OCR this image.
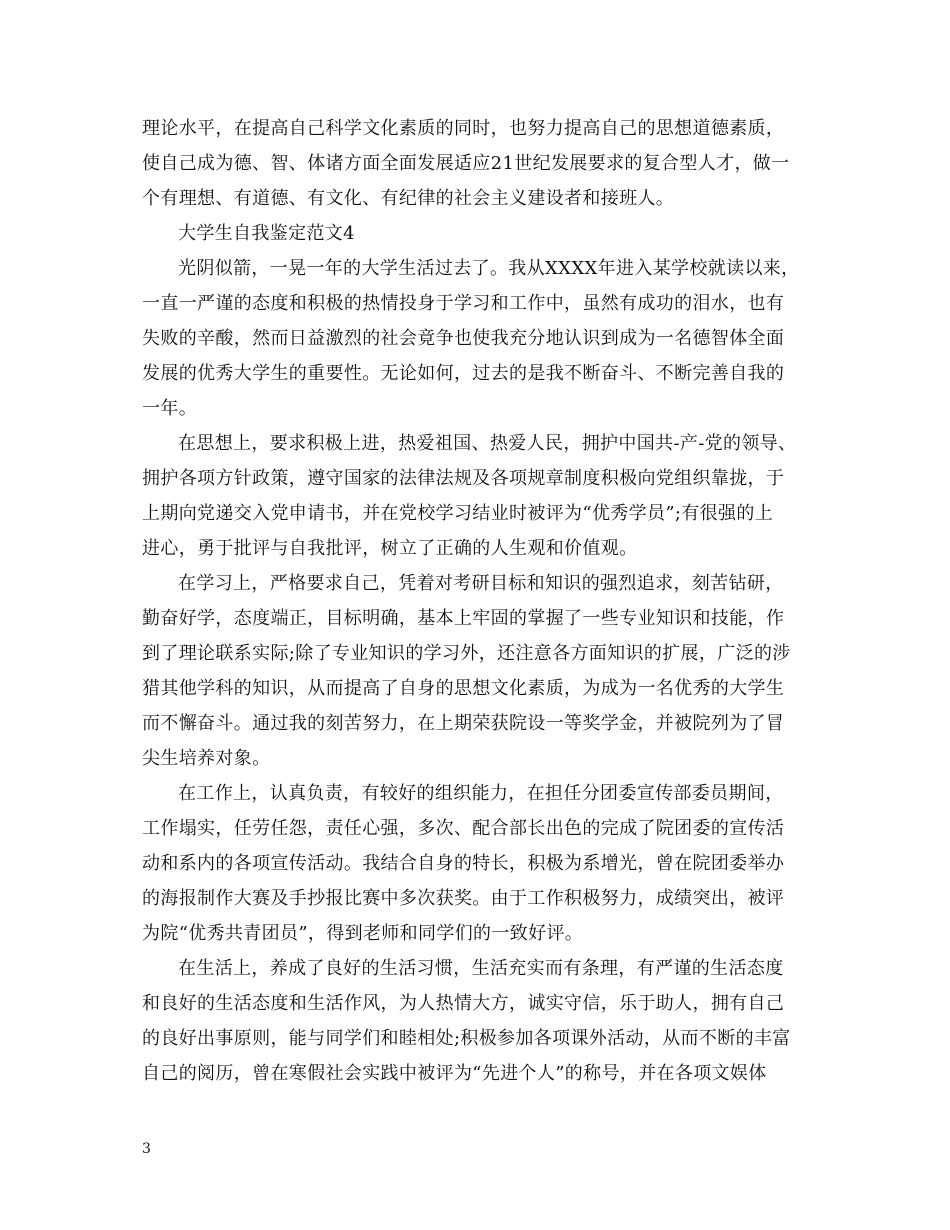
理论水平，在提高自己科学文化素质的同时，也努力提高自己的思想道德素质，
使自己成为德、智、体诸方面全面发展适应21世纪发展要求的复合型人才，做一
个有理想、有道德、有文化、有纪律的社会主义建设者和接班人。
大学生自我鉴定范文4
光阴似箭，一晃一年的大学生活过去了。我从XXXX年进入某学校就读以来，
一直一严谨的态度和积极的热情投身于学习和工作中，虽然有成功的泪水，也有
失败的辛酸，然而日益激烈的社会竟争也使我充分地认识到成为一名德智体全面
发展的优秀大学生的重要性。无论如何，过去的是我不断奋斗、不断完善自我的
一年。
在思想上，要求积极上进，热爱祖国、热爱人民，拥护中国共-产-党的领导、
拥护各项方针政策，遵守国家的法律法规及各项规章制度积极向党组织靠拢，于
上期向党递交入党申请书，并在党校学习结业时被评为“优秀学员”;有很强的上
进心，勇于批评与自我批评，树立了正确的人生观和价值观。
在学习上，严格要求自己，凭着对考研目标和知识的强烈追求，刻苦钻研，
勤奋好学，态度端正，目标明确，基本上牢固的掌握了一些专业知识和技能，作
到了理论联系实际;除了专业知识的学习外，还注意各方面知识的扩展，广泛的涉
猎其他学科的知识，从而提高了自身的思想文化素质，为成为一名优秀的大学生
而不懈奋斗。通过我的刻苦努力，在上期荣获院设一等奖学金，并被院列为了冒
尖生培养对象。
在工作上，认真负责，有较好的组织能力，在担任分团委宣传部委员期间，
工作塌实，任劳任怨，责任心强，多次、配合部长出色的完成了院团委的宣传活
动和系内的各项宣传活动。我结合自身的特长，积极为系增光，曾在院团委举办
的海报制作大赛及手抄报比赛中多次获奖。由于工作积极努力，成绩突出，被评
为院“优秀共青团员”，得到老师和同学们的一致好评。
在生活上，养成了良好的生活习惯，生活充实而有条理，有严谨的生活态度
和良好的生活态度和生活作风，为人热情大方，诚实守信，乐于助人，拥有自己
的良好出事原则，能与同学们和睦相处;积极参加各项课外活动，从而不断的丰富
自己的阅历，曾在寒假社会实践中被评为“先进个人”的称号，并在各项文娱体
3
